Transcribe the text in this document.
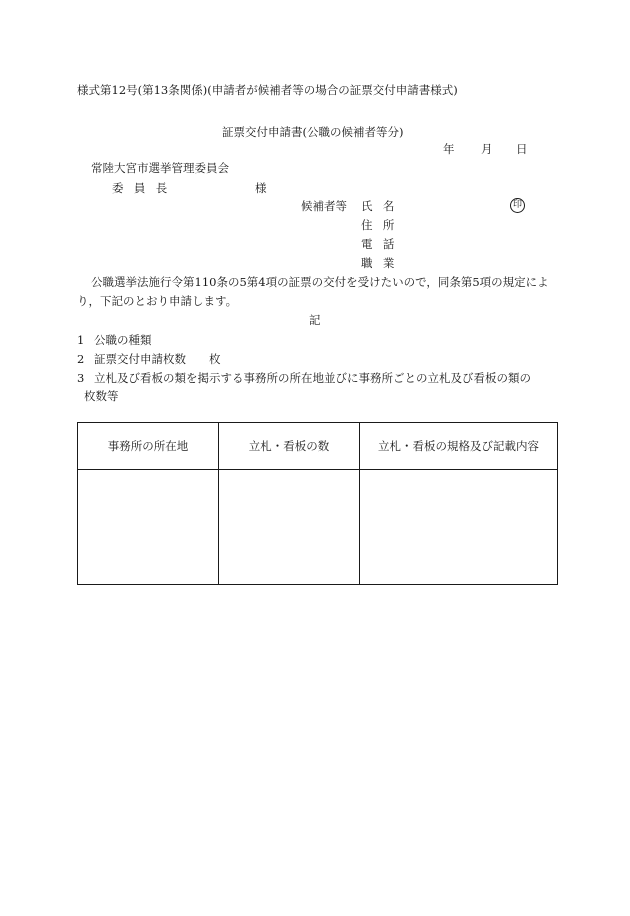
様式第12号(第13条関係)(申請者が候補者等の場合の証票交付申請書様式)
証票交付申請書(公職の候補者等分)
年 月 日
常陸大宮市選挙管理委員会
委員長	様
候補者等 氏名	印
住所
電話
職業
公職選挙法施行令第110条の5第4項の証票の交付を受けたいので，同条第5項の規定によ
り，下記のとおり申請します。
記
1 公職の種類
2 証票交付申請枚数　　枚
3 立札及び看板の類を掲示する事務所の所在地並びに事務所ごとの立札及び看板の類の
枚数等
事務所の所在地	立札・看板の数	立札・看板の規格及び記載内容
